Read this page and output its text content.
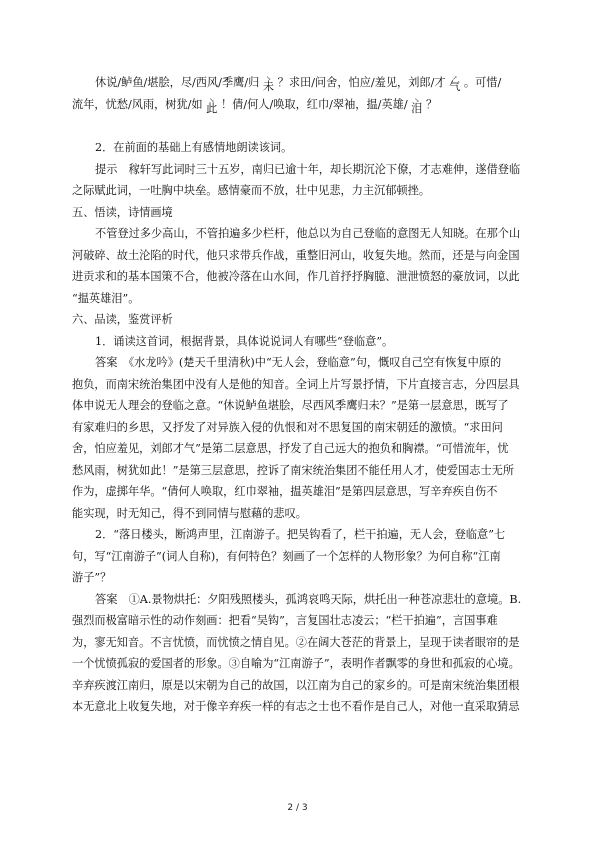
休说/鲈鱼/堪脍，尽/西风/季鹰/归	↘
未 ？求田/问舍，怕应/羞见，刘郎/才	↗
气 。可惜/
流年，忧愁/风雨，树犹/如	↘
此 ！倩/何人/唤取，红巾/翠袖，揾/英雄/	↘
泪 ？
2．在前面的基础上有感情地朗读该词。
提示　稼轩写此词时三十五岁，南归已逾十年，却长期沉沦下僚，才志难伸，遂借登临
之际赋此词，一吐胸中块垒。感情豪而不放，壮中见悲，力主沉郁顿挫。
五、悟读，诗情画境
不管登过多少高山，不管拍遍多少栏杆，他总以为自己登临的意图无人知晓。在那个山
河破碎、故土沦陷的时代，他只求带兵作战，重整旧河山，收复失地。然而，还是与向金国
进贡求和的基本国策不合，他被冷落在山水间，作几首抒抒胸臆、泄泄愤怒的豪放词，以此
“揾英雄泪”。
六、品读，鉴赏评析
1．诵读这首词，根据背景，具体说说词人有哪些“登临意”。
答案　《水龙吟》(楚天千里清秋)中“无人会，登临意”句，慨叹自己空有恢复中原的
抱负，而南宋统治集团中没有人是他的知音。全词上片写景抒情，下片直接言志，分四层具
体申说无人理会的登临之意。“休说鲈鱼堪脍，尽西风季鹰归未？”是第一层意思，既写了
有家难归的乡思，又抒发了对异族入侵的仇恨和对不思复国的南宋朝廷的激愤。“求田问
舍，怕应羞见，刘郎才气”是第二层意思，抒发了自己远大的抱负和胸襟。“可惜流年，忧
愁风雨，树犹如此！”是第三层意思，控诉了南宋统治集团不能任用人才，使爱国志士无所
作为，虚掷年华。“倩何人唤取，红巾翠袖，揾英雄泪”是第四层意思，写辛弃疾自伤不
能实现，时无知己，得不到同情与慰藉的悲叹。
2．“落日楼头，断鸿声里，江南游子。把吴钩看了，栏干拍遍，无人会，登临意”七
句，写“江南游子”(词人自称)，有何特色？刻画了一个怎样的人物形象？为何自称“江南
游子”？
答案　①A.景物烘托：夕阳残照楼头，孤鸿哀鸣天际，烘托出一种苍凉悲壮的意境。B.
强烈而极富暗示性的动作刻画：把看“吴钩”，言复国壮志凌云；“栏干拍遍”，言国事难
为，寥无知音。不言忧愤，而忧愤之情自见。②在阔大苍茫的背景上，呈现于读者眼帘的是
一个忧愤孤寂的爱国者的形象。③自喻为“江南游子”，表明作者飘零的身世和孤寂的心境。
辛弃疾渡江南归，原是以宋朝为自己的故国，以江南为自己的家乡的。可是南宋统治集团根
本无意北上收复失地，对于像辛弃疾一样的有志之士也不看作是自己人，对他一直采取猜忌
2 / 3
